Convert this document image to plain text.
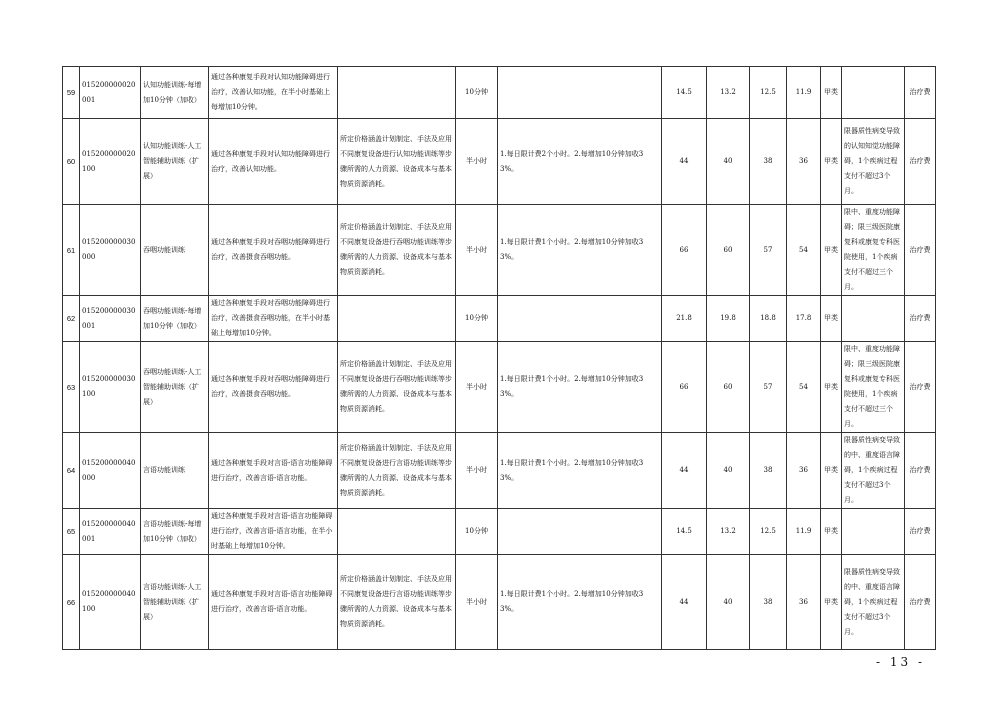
59	015200000020001	认知功能训练-每增加10分钟（加收）	通过各种康复手段对认知功能障碍进行治疗，改善认知功能，在半小时基础上每增加10分钟。		10分钟		14.5	13.2	12.5	11.9	甲类		治疗费
60	015200000020100	认知功能训练-人工智能辅助训练（扩展）	通过各种康复手段对认知功能障碍进行治疗，改善认知功能。	所定价格涵盖计划制定、手法及应用不同康复设备进行认知功能训练等步骤所需的人力资源、设备成本与基本物质资源消耗。	半小时	1.每日限计费2个小时。2.每增加10分钟加收33%。	44	40	38	36	甲类	限器质性病变导致的认知知觉功能障碍，1个疾病过程支付不超过3个月。	治疗费
61	015200000030000	吞咽功能训练	通过各种康复手段对吞咽功能障碍进行治疗，改善摄食吞咽功能。	所定价格涵盖计划制定、手法及应用不同康复设备进行吞咽功能训练等步骤所需的人力资源、设备成本与基本物质资源消耗。	半小时	1.每日限计费1个小时。2.每增加10分钟加收33%。	66	60	57	54	甲类	限中、重度功能障碍；限三级医院康复科或康复专科医院使用，1个疾病支付不超过三个月。	治疗费
62	015200000030001	吞咽功能训练-每增加10分钟（加收）	通过各种康复手段对吞咽功能障碍进行治疗，改善摄食吞咽功能，在半小时基础上每增加10分钟。		10分钟		21.8	19.8	18.8	17.8	甲类		治疗费
63	015200000030100	吞咽功能训练-人工智能辅助训练（扩展）	通过各种康复手段对吞咽功能障碍进行治疗，改善摄食吞咽功能。	所定价格涵盖计划制定、手法及应用不同康复设备进行吞咽功能训练等步骤所需的人力资源、设备成本与基本物质资源消耗。	半小时	1.每日限计费1个小时。2.每增加10分钟加收33%。	66	60	57	54	甲类	限中、重度功能障碍；限三级医院康复科或康复专科医院使用，1个疾病支付不超过三个月。	治疗费
64	015200000040000	言语功能训练	通过各种康复手段对言语-语言功能障碍进行治疗，改善言语-语言功能。	所定价格涵盖计划制定、手法及应用不同康复设备进行言语功能训练等步骤所需的人力资源、设备成本与基本物质资源消耗。	半小时	1.每日限计费1个小时。2.每增加10分钟加收33%。	44	40	38	36	甲类	限器质性病变导致的中、重度语言障碍，1个疾病过程支付不超过3个月。	治疗费
65	015200000040001	言语功能训练-每增加10分钟（加收）	通过各种康复手段对言语-语言功能障碍进行治疗，改善言语-语言功能，在半小时基础上每增加10分钟。		10分钟		14.5	13.2	12.5	11.9	甲类		治疗费
66	015200000040100	言语功能训练-人工智能辅助训练（扩展）	通过各种康复手段对言语-语言功能障碍进行治疗，改善言语-语言功能。	所定价格涵盖计划制定、手法及应用不同康复设备进行言语功能训练等步骤所需的人力资源、设备成本与基本物质资源消耗。	半小时	1.每日限计费1个小时。2.每增加10分钟加收33%。	44	40	38	36	甲类	限器质性病变导致的中、重度语言障碍，1个疾病过程支付不超过3个月。	治疗费
- 13 -
